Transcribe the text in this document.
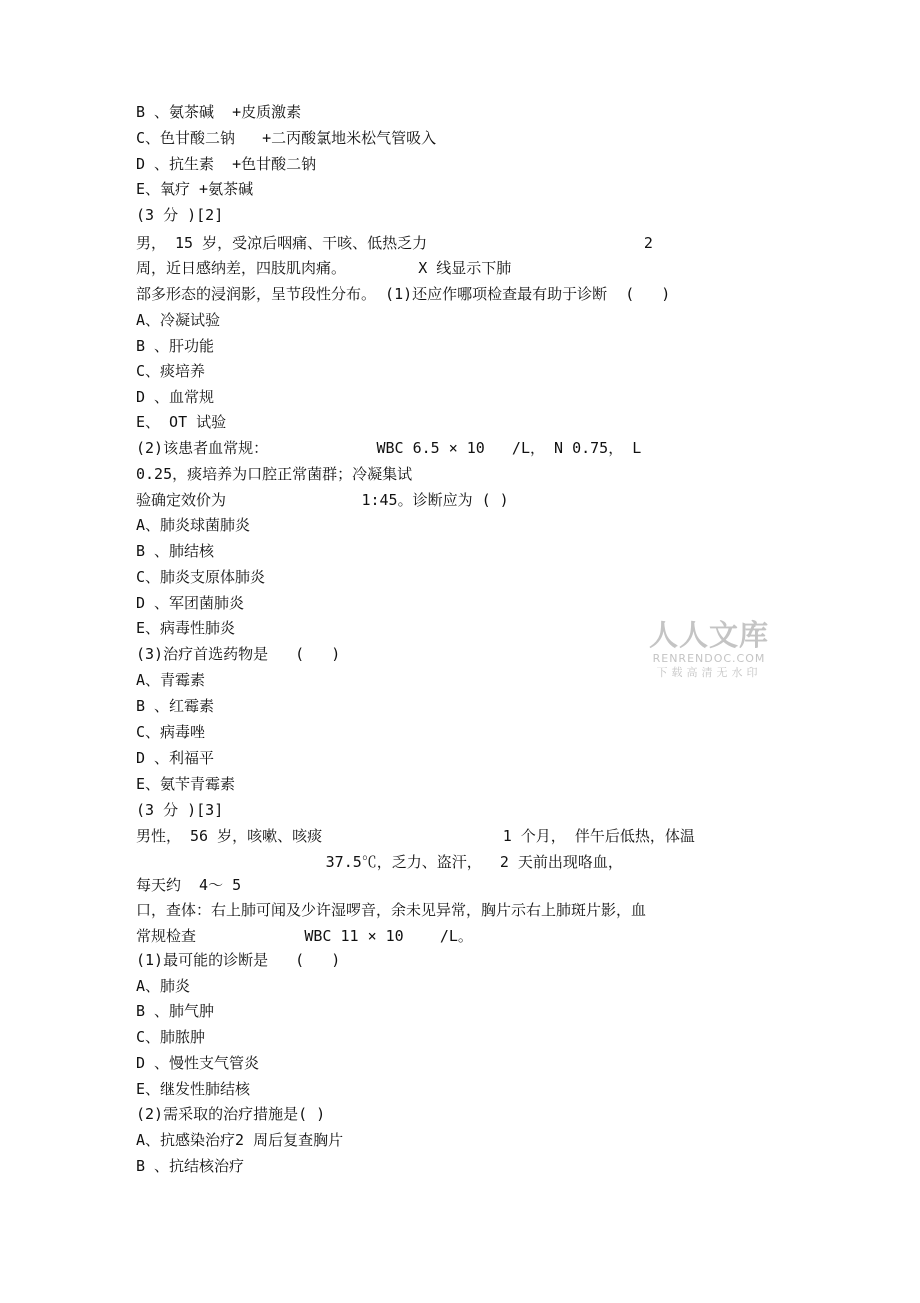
人人文库
RENRENDOC.COM
下载高清无水印
B 、氨茶碱  +皮质激素
C、色甘酸二钠   +二丙酸氯地米松气管吸入
D 、抗生素  +色甘酸二钠
E、氧疗 +氨茶碱
(3 分 )[2]
男， 15 岁，受凉后咽痛、干咳、低热乏力                        2
周，近日感纳差，四肢肌肉痛。        X 线显示下肺
部多形态的浸润影，呈节段性分布。 (1)还应作哪项检查最有助于诊断  (   )
A、冷凝试验
B 、肝功能
C、痰培养
D 、血常规
E、 OT 试验
(2)该患者血常规：            WBC 6.5 × 10   /L， N 0.75， L
0.25，痰培养为口腔正常菌群；冷凝集试
验确定效价为               1:45。诊断应为 ( )
A、肺炎球菌肺炎
B 、肺结核
C、肺炎支原体肺炎
D 、军团菌肺炎
E、病毒性肺炎
(3)治疗首选药物是   (   )
A、青霉素
B 、红霉素
C、病毒唑
D 、利福平
E、氨苄青霉素
(3 分 )[3]
男性， 56 岁，咳嗽、咳痰                    1 个月， 伴午后低热，体温
37.5℃，乏力、盗汗，  2 天前出现咯血，
每天约  4～ 5
口，查体：右上肺可闻及少许湿啰音，余未见异常，胸片示右上肺斑片影，血
常规检查            WBC 11 × 10    /L。
(1)最可能的诊断是   (   )
A、肺炎
B 、肺气肿
C、肺脓肿
D 、慢性支气管炎
E、继发性肺结核
(2)需采取的治疗措施是( )
A、抗感染治疗2 周后复查胸片
B 、抗结核治疗
